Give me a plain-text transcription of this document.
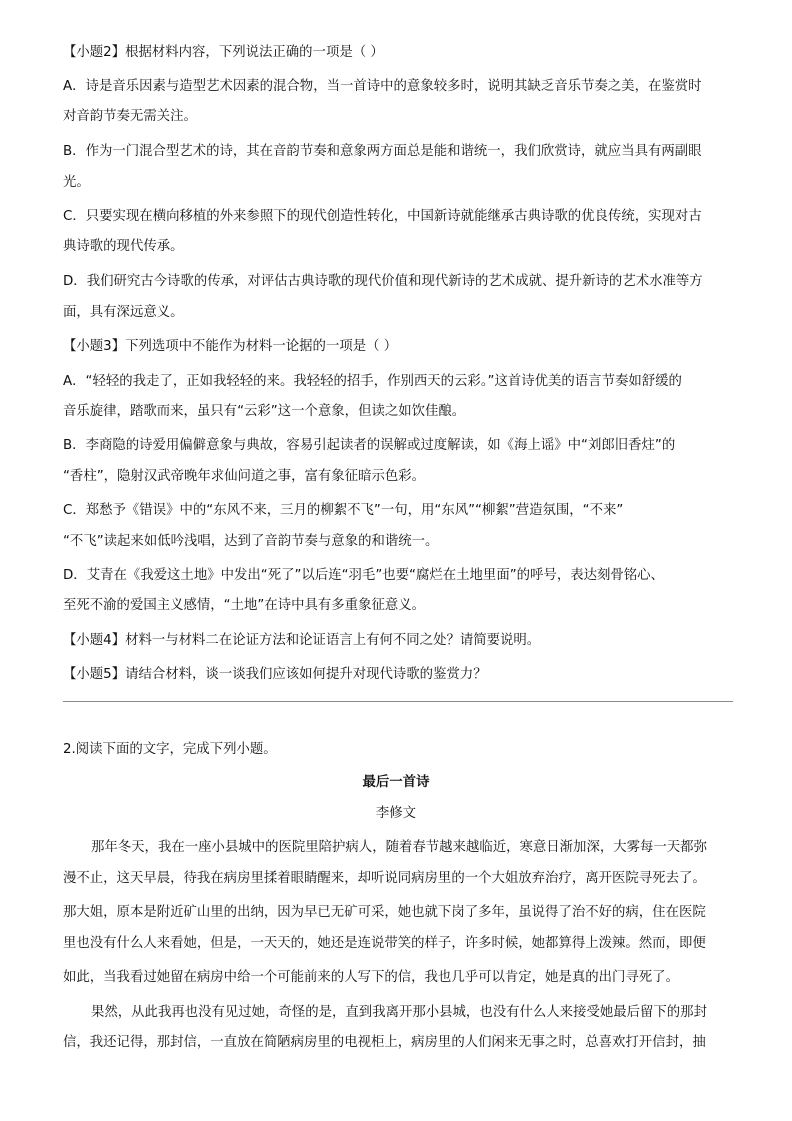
【小题2】根据材料内容，下列说法正确的一项是（ ）
A．诗是音乐因素与造型艺术因素的混合物，当一首诗中的意象较多时，说明其缺乏音乐节奏之美，在鉴赏时
对音韵节奏无需关注。
B．作为一门混合型艺术的诗，其在音韵节奏和意象两方面总是能和谐统一，我们欣赏诗，就应当具有两副眼
光。
C．只要实现在横向移植的外来参照下的现代创造性转化，中国新诗就能继承古典诗歌的优良传统，实现对古
典诗歌的现代传承。
D．我们研究古今诗歌的传承，对评估古典诗歌的现代价值和现代新诗的艺术成就、提升新诗的艺术水准等方
面，具有深远意义。
【小题3】下列选项中不能作为材料一论据的一项是（ ）
A．“轻轻的我走了，正如我轻轻的来。我轻轻的招手，作别西天的云彩。”这首诗优美的语言节奏如舒缓的
音乐旋律，踏歌而来，虽只有“云彩”这一个意象，但读之如饮佳酿。
B．李商隐的诗爱用偏僻意象与典故，容易引起读者的误解或过度解读，如《海上谣》中“刘郎旧香炷”的
“香柱”，隐射汉武帝晚年求仙问道之事，富有象征暗示色彩。
C．郑愁予《错误》中的“东风不来，三月的柳絮不飞”一句，用“东风”“柳絮”营造氛围，“不来”
“不飞”读起来如低吟浅唱，达到了音韵节奏与意象的和谐统一。
D．艾青在《我爱这土地》中发出“死了”以后连“羽毛”也要“腐烂在土地里面”的呼号，表达刻骨铭心、
至死不渝的爱国主义感情，“土地”在诗中具有多重象征意义。
【小题4】材料一与材料二在论证方法和论证语言上有何不同之处？请简要说明。
【小题5】请结合材料，谈一谈我们应该如何提升对现代诗歌的鉴赏力？
2.阅读下面的文字，完成下列小题。
最后一首诗
李修文
那年冬天，我在一座小县城中的医院里陪护病人，随着春节越来越临近，寒意日渐加深，大雾每一天都弥
漫不止，这天早晨，待我在病房里揉着眼睛醒来，却听说同病房里的一个大姐放弃治疗，离开医院寻死去了。
那大姐，原本是附近矿山里的出纳，因为早已无矿可采，她也就下岗了多年，虽说得了治不好的病，住在医院
里也没有什么人来看她，但是，一天天的，她还是连说带笑的样子，许多时候，她都算得上泼辣。然而，即便
如此，当我看过她留在病房中给一个可能前来的人写下的信，我也几乎可以肯定，她是真的出门寻死了。
果然，从此我再也没有见过她，奇怪的是，直到我离开那小县城，也没有什么人来接受她最后留下的那封
信，我还记得，那封信，一直放在简陋病房里的电视柜上，病房里的人们闲来无事之时，总喜欢打开信封，抽
